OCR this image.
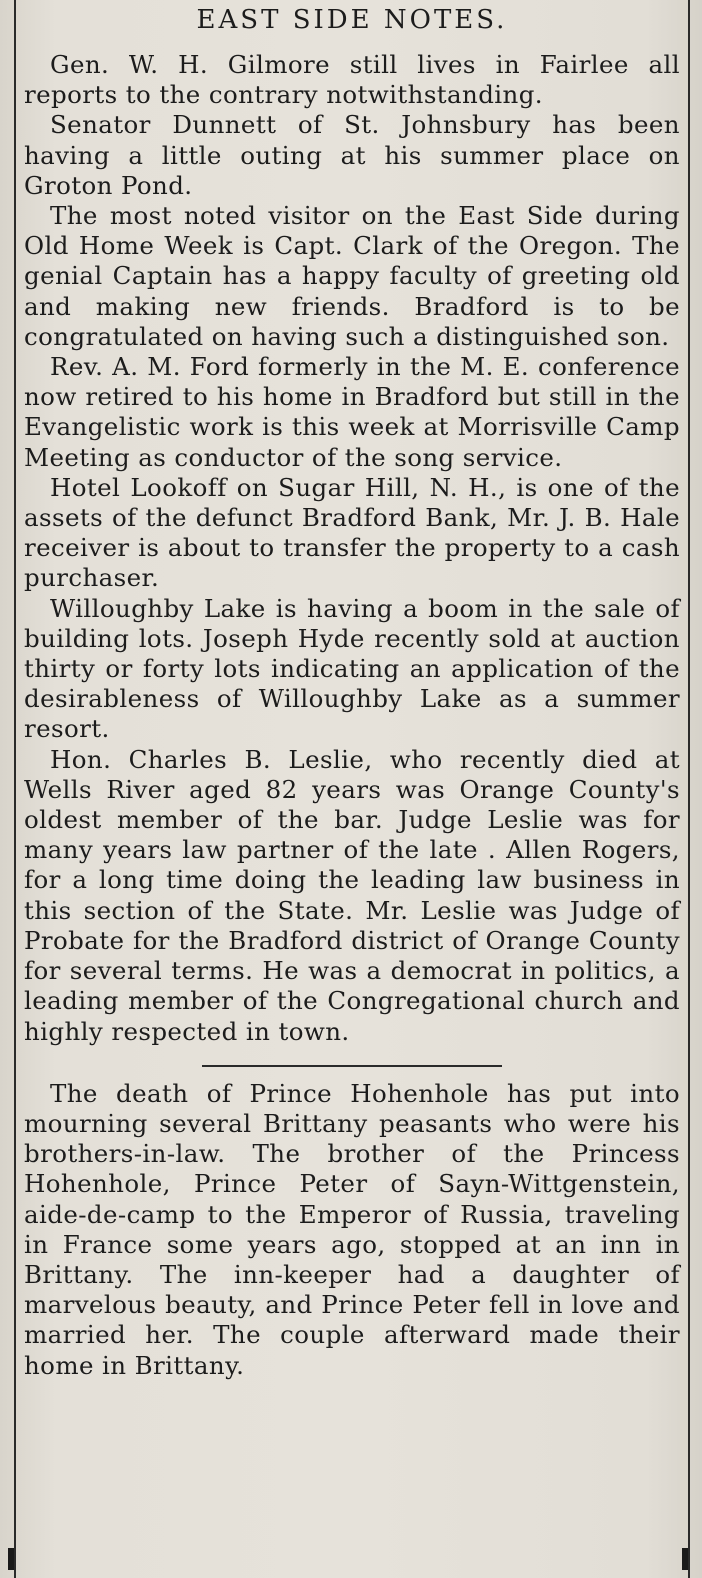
EAST SIDE NOTES.

Gen. W. H. Gilmore still lives in Fairlee all reports to the contrary notwithstanding.

Senator Dunnett of St. Johnsbury has been having a little outing at his summer place on Groton Pond.

The most noted visitor on the East Side during Old Home Week is Capt. Clark of the Oregon. The genial Captain has a happy faculty of greeting old and making new friends. Bradford is to be congratulated on having such a distinguished son.

Rev. A. M. Ford formerly in the M. E. conference now retired to his home in Bradford but still in the Evangelistic work is this week at Morrisville Camp Meeting as conductor of the song service.

Hotel Lookoff on Sugar Hill, N. H., is one of the assets of the defunct Bradford Bank, Mr. J. B. Hale receiver is about to transfer the property to a cash purchaser.

Willoughby Lake is having a boom in the sale of building lots. Joseph Hyde recently sold at auction thirty or forty lots indicating an application of the desirableness of Willoughby Lake as a summer resort.

Hon. Charles B. Leslie, who recently died at Wells River aged 82 years was Orange County's oldest member of the bar. Judge Leslie was for many years law partner of the late . Allen Rogers, for a long time doing the leading law business in this section of the State. Mr. Leslie was Judge of Probate for the Bradford district of Orange County for several terms. He was a democrat in politics, a leading member of the Congregational church and highly respected in town.

The death of Prince Hohenhole has put into mourning several Brittany peasants who were his brothers-in-law. The brother of the Princess Hohenhole, Prince Peter of Sayn-Wittgenstein, aide-de-camp to the Emperor of Russia, traveling in France some years ago, stopped at an inn in Brittany. The inn-keeper had a daughter of marvelous beauty, and Prince Peter fell in love and married her. The couple afterward made their home in Brittany.
